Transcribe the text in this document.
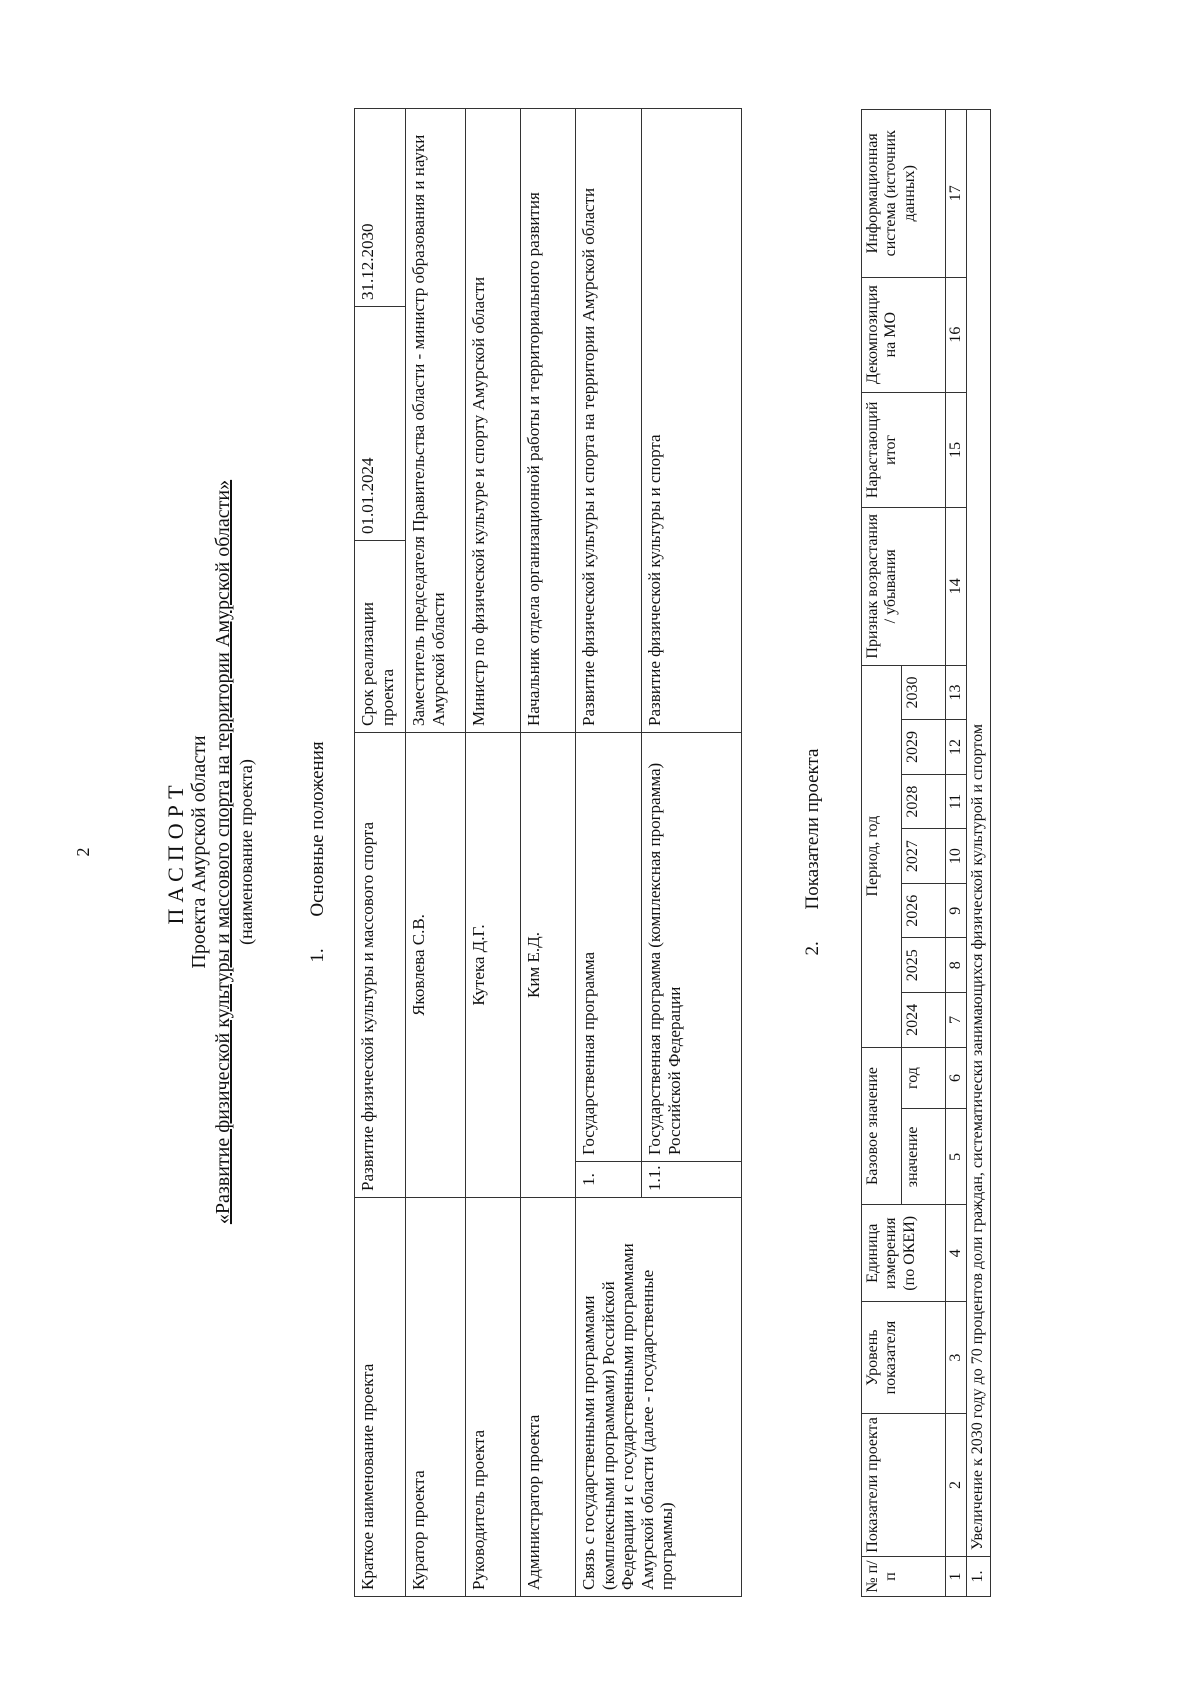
2	ПАСПОРТ Проекта Амурской области «Развитие физической культуры и массового спорта на территории Амурской области» (наименование проекта)
1.Основные положения
Краткое наименование проекта	Развитие физической культуры и массового спорта		Срок реализации проекта	01.01.2024	31.12.2030
Куратор проекта	Яковлева С.В.		Заместитель председателя Правительства области - министр образования и науки Амурской области		
Руководитель проекта	Кутека Д.Г.		Министр по физической культуре и спорту Амурской области		
Администратор проекта	Ким Е.Д.		Начальник отдела организационной работы и территориального развития		
Связь с государственными программами (комплексными программами) Российской Федерации и с государственными программами Амурской области (далее - государственные программы)	1.	Государственная программа	Развитие физической культуры и спорта на территории Амурской области		
	1.1.	Государственная программа (комплексная программа) Российской Федерации	Развитие физической культуры и спорта		
2.Показатели проекта
№ п/п	Показатели проекта	Уровень показателя	Единица измерения (по ОКЕИ)	Базовое значение		Период, год							Признак возрастания / убывания	Нарастающий итог	Декомпозиция на МО	Информационная система (источник данных)
				значение	год	2024	2025	2026	2027	2028	2029	2030				
1	2	3	4	5	6	7	8	9	10	11	12	13	14	15	16	17
1.	Увеличение к 2030 году до 70 процентов доли граждан, систематически занимающихся физической культурой и спортом															
